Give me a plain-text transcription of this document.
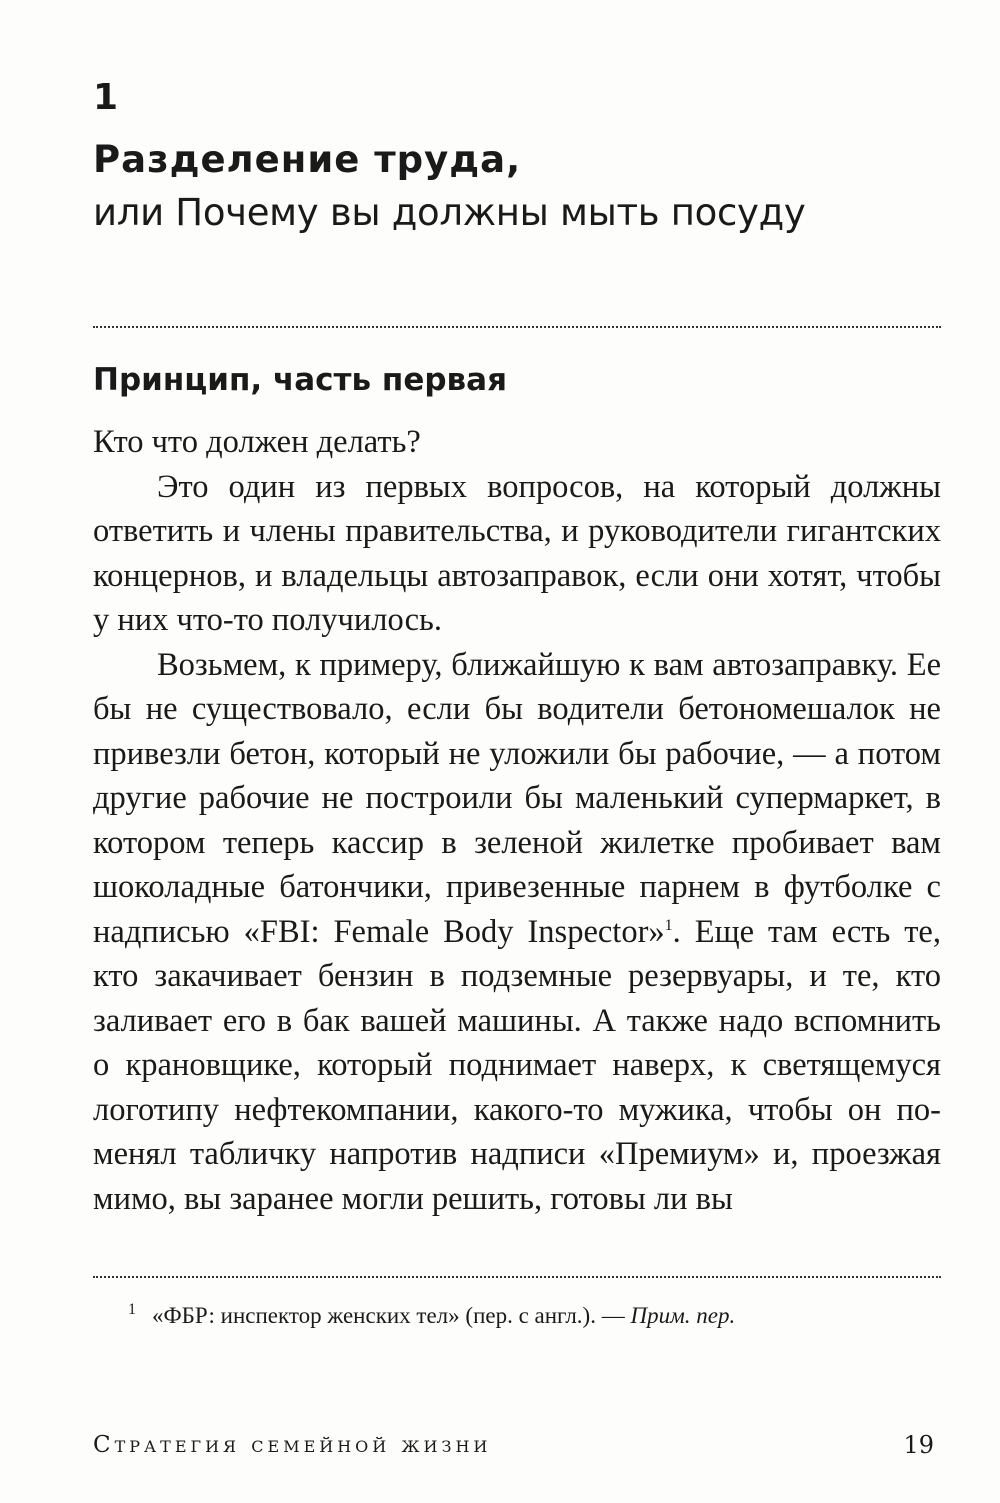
1
Разделение труда,
или Почему вы должны мыть посуду
Принцип, часть первая

Кто что должен делать?

Это один из первых вопросов, на который должны ответить и члены правительства, и руководители гигантских концернов, и владельцы автозаправок, если они хотят, чтобы у них что-то получилось.

Возьмем, к примеру, ближайшую к вам автозаправку. Ее бы не существовало, если бы водители бетономешалок не привезли бетон, который не уложили бы рабочие, — а потом другие рабочие не построили бы маленький супермаркет, в котором теперь кассир в зеленой жилетке пробивает вам шоколадные батончики, привезенные парнем в футболке с надписью «FBI: Female Body Inspector»$^1$. Еще там есть те, кто закачивает бензин в подземные резервуары, и те, кто заливает его в бак вашей машины. А также надо вспомнить о крановщике, который поднимает наверх, к светящемуся логотипу нефтекомпании, какого-то мужика, чтобы он поменял табличку напротив надписи «Премиум» и, проезжая мимо, вы заранее могли решить, готовы ли вы

$^1$ «ФБР: инспектор женских тел» (пер. с англ.). — Прим. пер.

Стратегия семейной жизни	19
